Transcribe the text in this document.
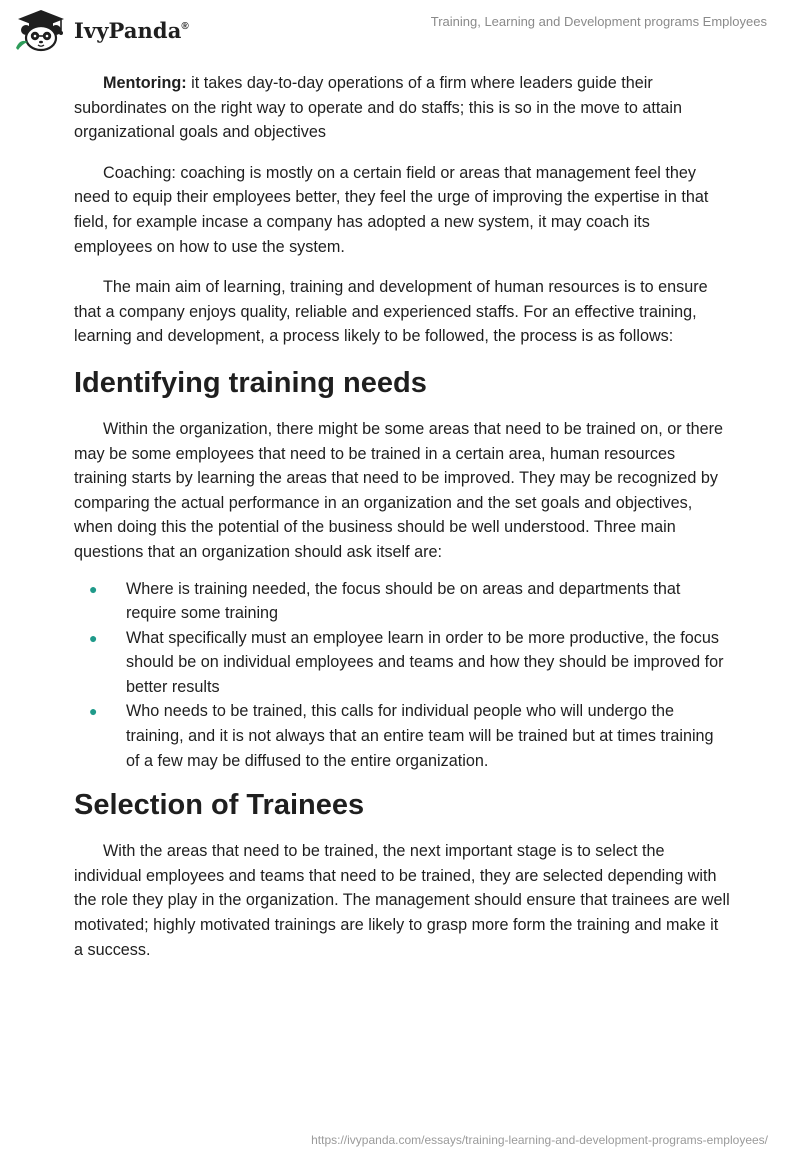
IvyPanda®	Training, Learning and Development programs Employees

Mentoring: it takes day-to-day operations of a firm where leaders guide their subordinates on the right way to operate and do staffs; this is so in the move to attain organizational goals and objectives

Coaching: coaching is mostly on a certain field or areas that management feel they need to equip their employees better, they feel the urge of improving the expertise in that field, for example incase a company has adopted a new system, it may coach its employees on how to use the system.

The main aim of learning, training and development of human resources is to ensure that a company enjoys quality, reliable and experienced staffs. For an effective training, learning and development, a process likely to be followed, the process is as follows:

Identifying training needs

Within the organization, there might be some areas that need to be trained on, or there may be some employees that need to be trained in a certain area, human resources training starts by learning the areas that need to be improved. They may be recognized by comparing the actual performance in an organization and the set goals and objectives, when doing this the potential of the business should be well understood. Three main questions that an organization should ask itself are:

● Where is training needed, the focus should be on areas and departments that require some training
● What specifically must an employee learn in order to be more productive, the focus should be on individual employees and teams and how they should be improved for better results
● Who needs to be trained, this calls for individual people who will undergo the training, and it is not always that an entire team will be trained but at times training of a few may be diffused to the entire organization.
Selection of Trainees

With the areas that need to be trained, the next important stage is to select the individual employees and teams that need to be trained, they are selected depending with the role they play in the organization. The management should ensure that trainees are well motivated; highly motivated trainings are likely to grasp more form the training and make it a success.

https://ivypanda.com/essays/training-learning-and-development-programs-employees/
